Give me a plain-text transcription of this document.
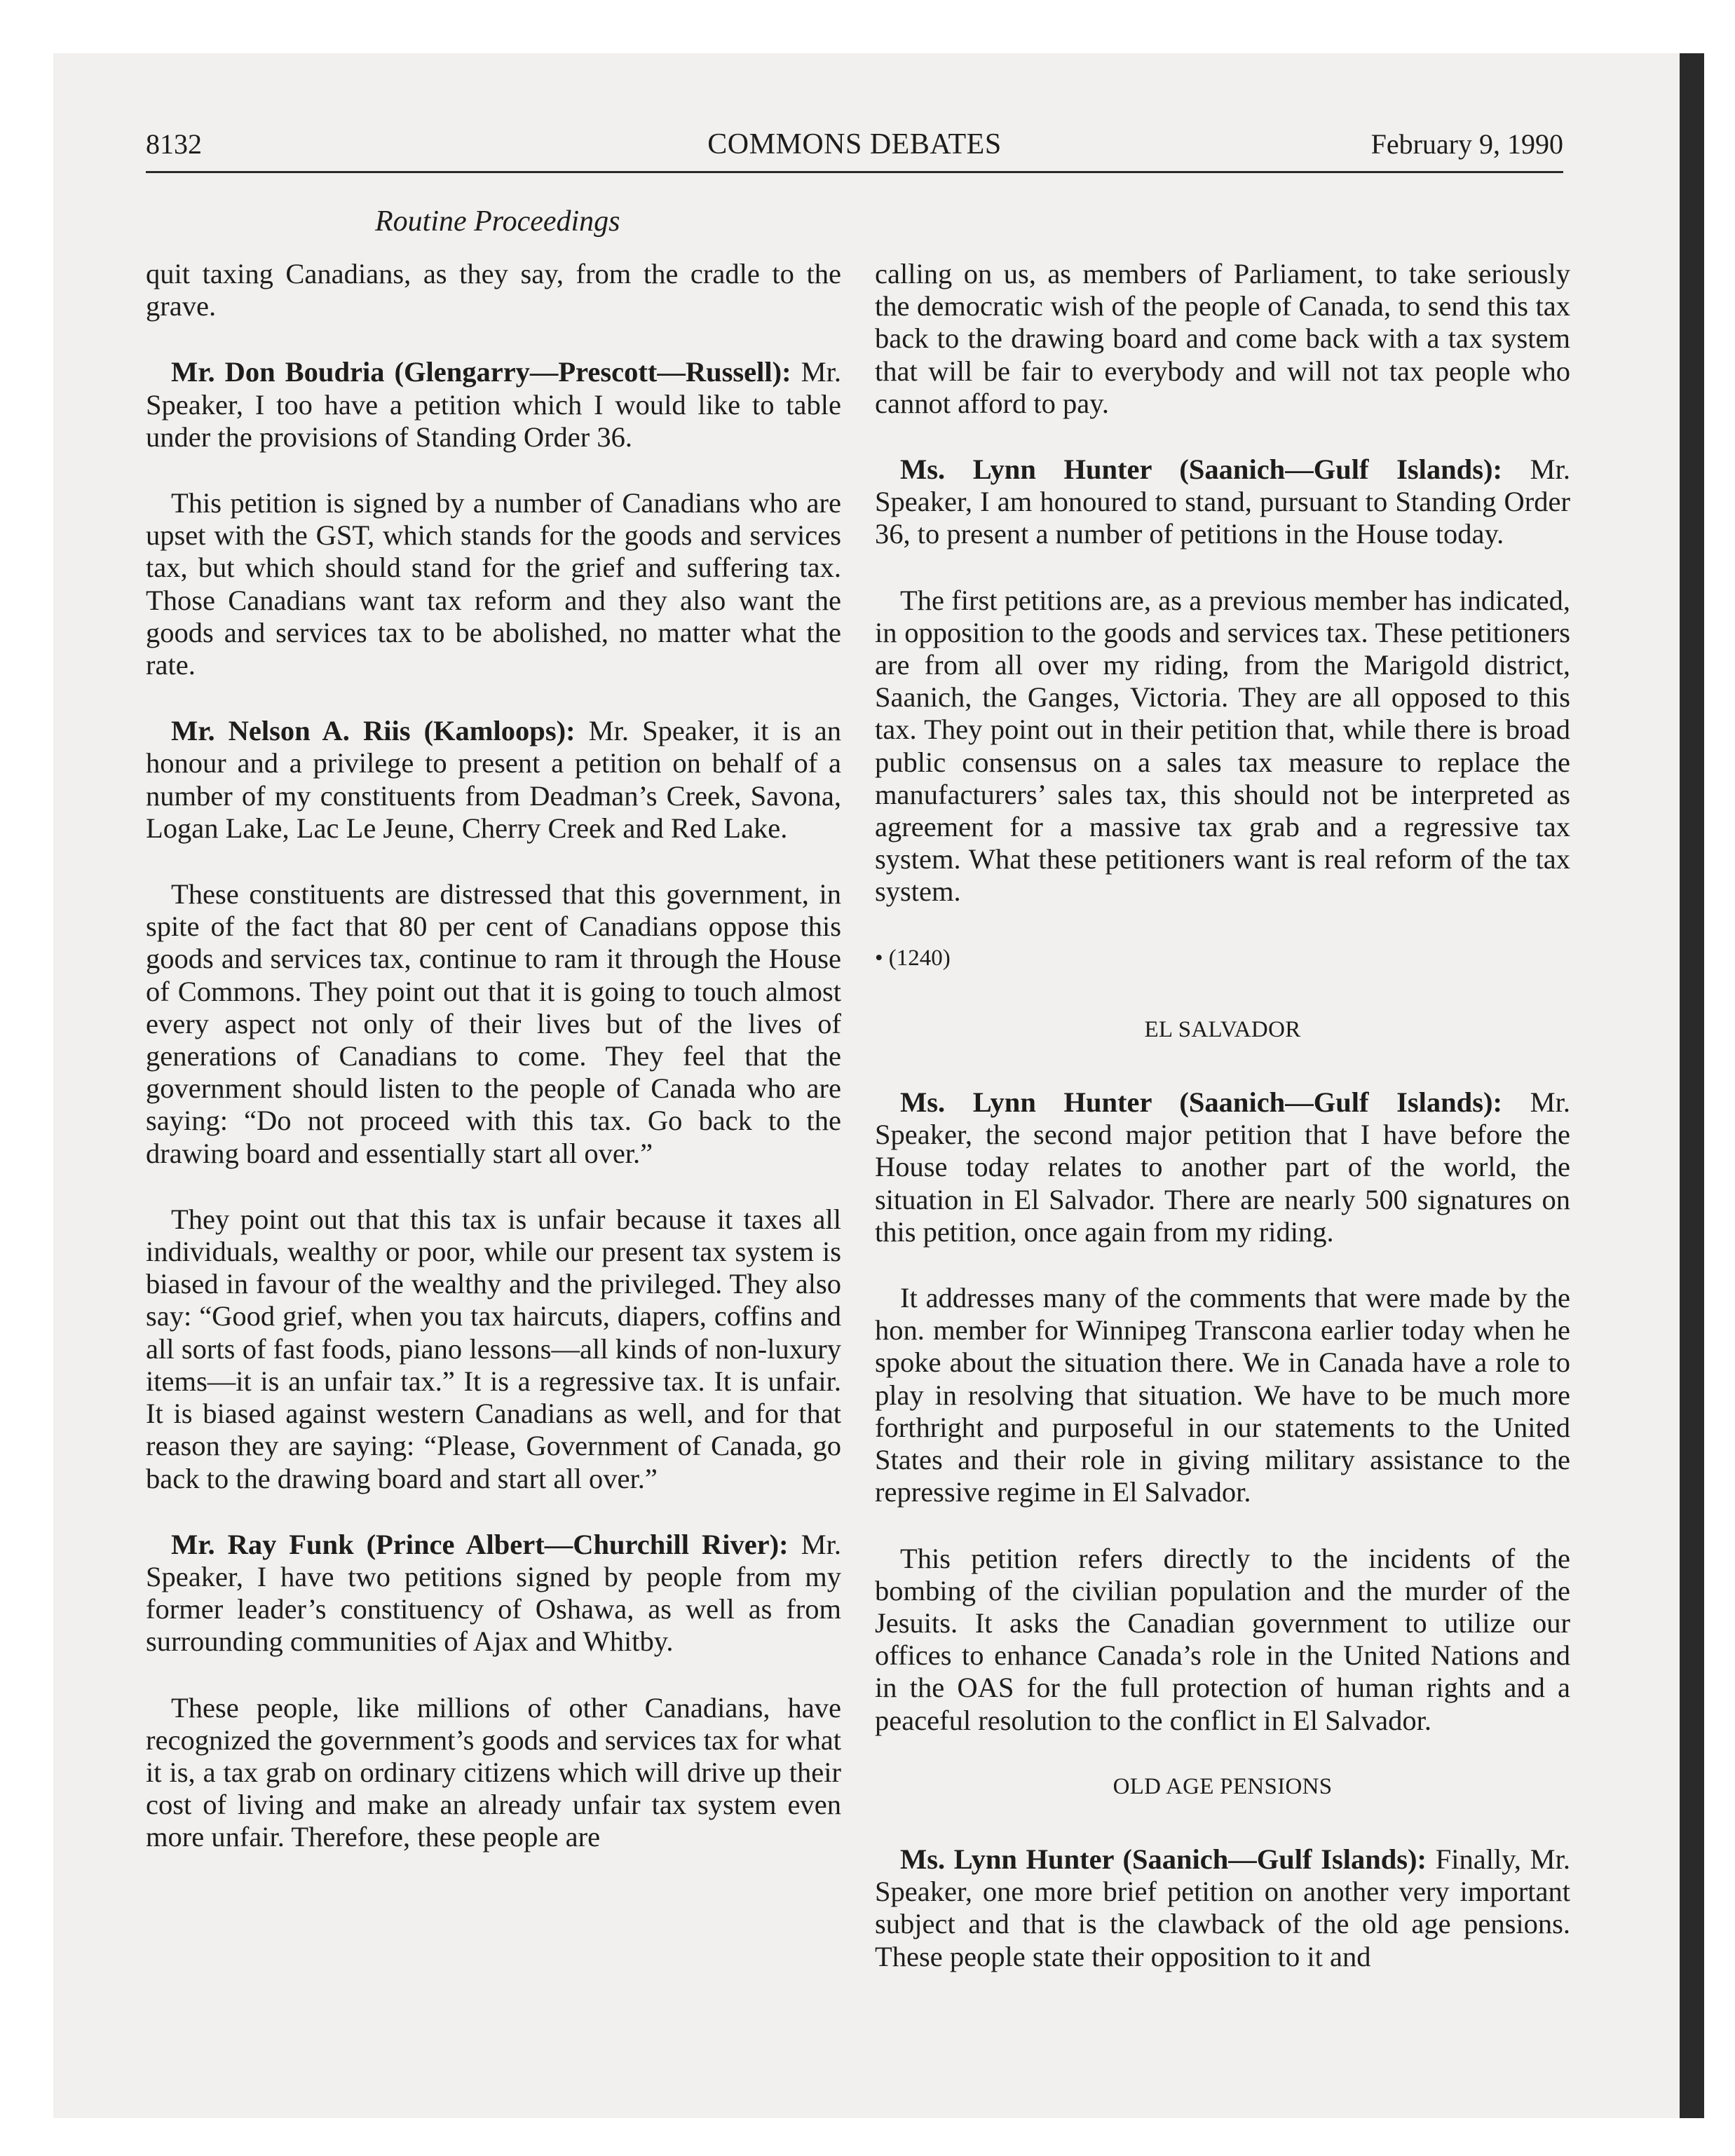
8132	COMMONS DEBATES	February 9, 1990
Routine Proceedings

quit taxing Canadians, as they say, from the cradle to the grave.

Mr. Don Boudria (Glengarry—Prescott—Russell): Mr. Speaker, I too have a petition which I would like to table under the provisions of Standing Order 36.

This petition is signed by a number of Canadians who are upset with the GST, which stands for the goods and services tax, but which should stand for the grief and suffering tax. Those Canadians want tax reform and they also want the goods and services tax to be abolished, no matter what the rate.

Mr. Nelson A. Riis (Kamloops): Mr. Speaker, it is an honour and a privilege to present a petition on behalf of a number of my constituents from Deadman’s Creek, Savona, Logan Lake, Lac Le Jeune, Cherry Creek and Red Lake.

These constituents are distressed that this government, in spite of the fact that 80 per cent of Canadians oppose this goods and services tax, continue to ram it through the House of Commons. They point out that it is going to touch almost every aspect not only of their lives but of the lives of generations of Canadians to come. They feel that the government should listen to the people of Canada who are saying: “Do not proceed with this tax. Go back to the drawing board and essentially start all over.”

They point out that this tax is unfair because it taxes all individuals, wealthy or poor, while our present tax system is biased in favour of the wealthy and the privileged. They also say: “Good grief, when you tax haircuts, diapers, coffins and all sorts of fast foods, piano lessons—all kinds of non-luxury items—it is an unfair tax.” It is a regressive tax. It is unfair. It is biased against western Canadians as well, and for that reason they are saying: “Please, Government of Canada, go back to the drawing board and start all over.”

Mr. Ray Funk (Prince Albert—Churchill River): Mr. Speaker, I have two petitions signed by people from my former leader’s constituency of Oshawa, as well as from surrounding communities of Ajax and Whitby.

These people, like millions of other Canadians, have recognized the government’s goods and services tax for what it is, a tax grab on ordinary citizens which will drive up their cost of living and make an already unfair tax system even more unfair. Therefore, these people are

calling on us, as members of Parliament, to take seriously the democratic wish of the people of Canada, to send this tax back to the drawing board and come back with a tax system that will be fair to everybody and will not tax people who cannot afford to pay.

Ms. Lynn Hunter (Saanich—Gulf Islands): Mr. Speaker, I am honoured to stand, pursuant to Standing Order 36, to present a number of petitions in the House today.

The first petitions are, as a previous member has indicated, in opposition to the goods and services tax. These petitioners are from all over my riding, from the Marigold district, Saanich, the Ganges, Victoria. They are all opposed to this tax. They point out in their petition that, while there is broad public consensus on a sales tax measure to replace the manufacturers’ sales tax, this should not be interpreted as agreement for a massive tax grab and a regressive tax system. What these petitioners want is real reform of the tax system.

• (1240)
EL SALVADOR

Ms. Lynn Hunter (Saanich—Gulf Islands): Mr. Speaker, the second major petition that I have before the House today relates to another part of the world, the situation in El Salvador. There are nearly 500 signatures on this petition, once again from my riding.

It addresses many of the comments that were made by the hon. member for Winnipeg Transcona earlier today when he spoke about the situation there. We in Canada have a role to play in resolving that situation. We have to be much more forthright and purposeful in our statements to the United States and their role in giving military assistance to the repressive regime in El Salvador.

This petition refers directly to the incidents of the bombing of the civilian population and the murder of the Jesuits. It asks the Canadian government to utilize our offices to enhance Canada’s role in the United Nations and in the OAS for the full protection of human rights and a peaceful resolution to the conflict in El Salvador.

OLD AGE PENSIONS

Ms. Lynn Hunter (Saanich—Gulf Islands): Finally, Mr. Speaker, one more brief petition on another very important subject and that is the clawback of the old age pensions. These people state their opposition to it and
